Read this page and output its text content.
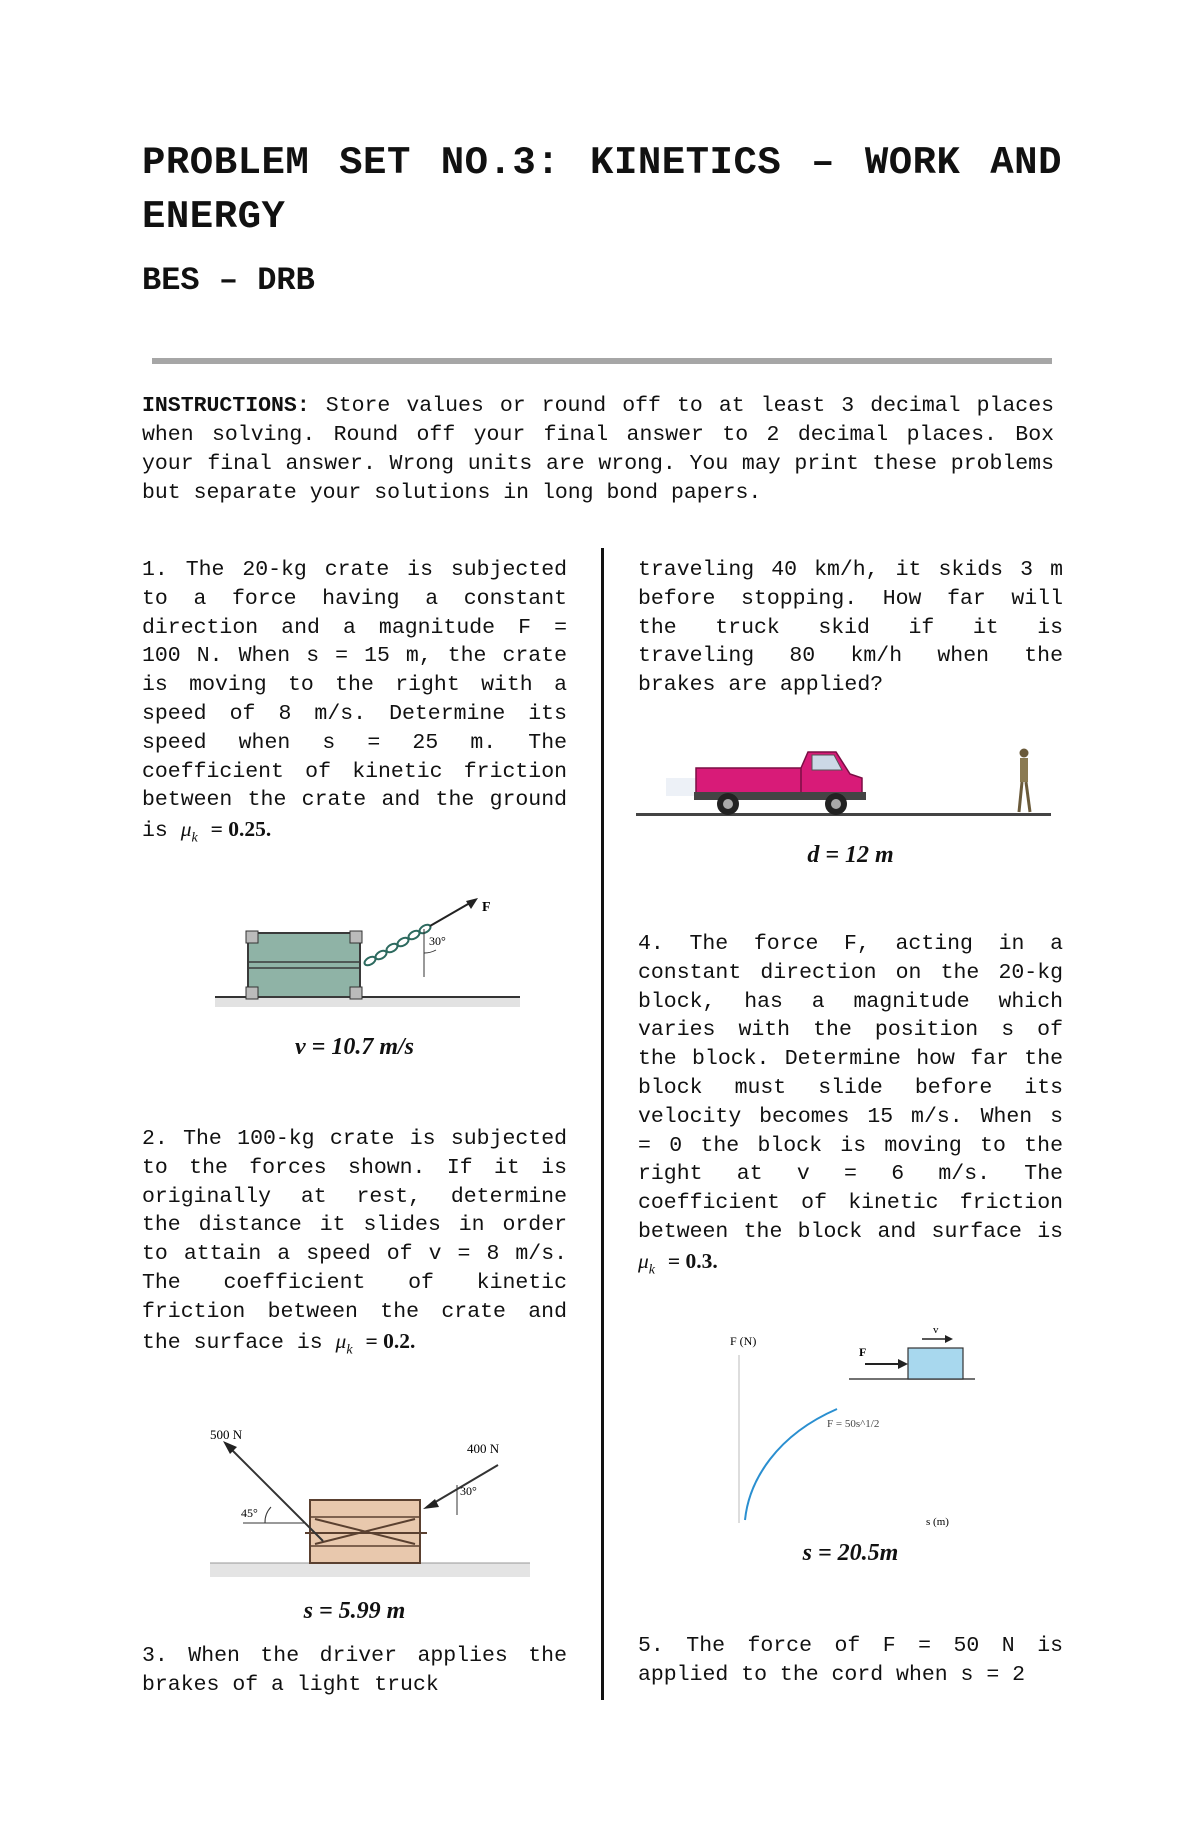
PROBLEM SET NO.3: KINETICS – WORK AND ENERGY
BES – DRB

INSTRUCTIONS: Store values or round off to at least 3 decimal places when solving. Round off your final answer to 2 decimal places. Box your final answer. Wrong units are wrong. You may print these problems but separate your solutions in long bond papers.

1. The 20-kg crate is subjected to a force having a constant direction and a magnitude F = 100 N. When s = 15 m, the crate is moving to the right with a speed of 8 m/s. Determine its speed when s = 25 m. The coefficient of kinetic friction between the crate and the ground is $\mu_k = 0.25$.

30°
F
v = 10.7 m/s

2. The 100-kg crate is subjected to the forces shown. If it is originally at rest, determine the distance it slides in order to attain a speed of v = 8 m/s. The coefficient of kinetic friction between the crate and the surface is $\mu_k = 0.2$.

45°
500 N
30°
400 N
s = 5.99 m

3. When the driver applies the brakes of a light truck

traveling 40 km/h, it skids 3 m before stopping. How far will the truck skid if it is traveling 80 km/h when the brakes are applied?

d = 12 m

4. The force F, acting in a constant direction on the 20-kg block, has a magnitude which varies with the position s of the block. Determine how far the block must slide before its velocity becomes 15 m/s. When s = 0 the block is moving to the right at v = 6 m/s. The coefficient of kinetic friction between the block and surface is $\mu_k = 0.3$.

F (N)
F = 50s^1/2
s (m)
F
v
s = 20.5m

5. The force of F = 50 N is applied to the cord when s = 2
